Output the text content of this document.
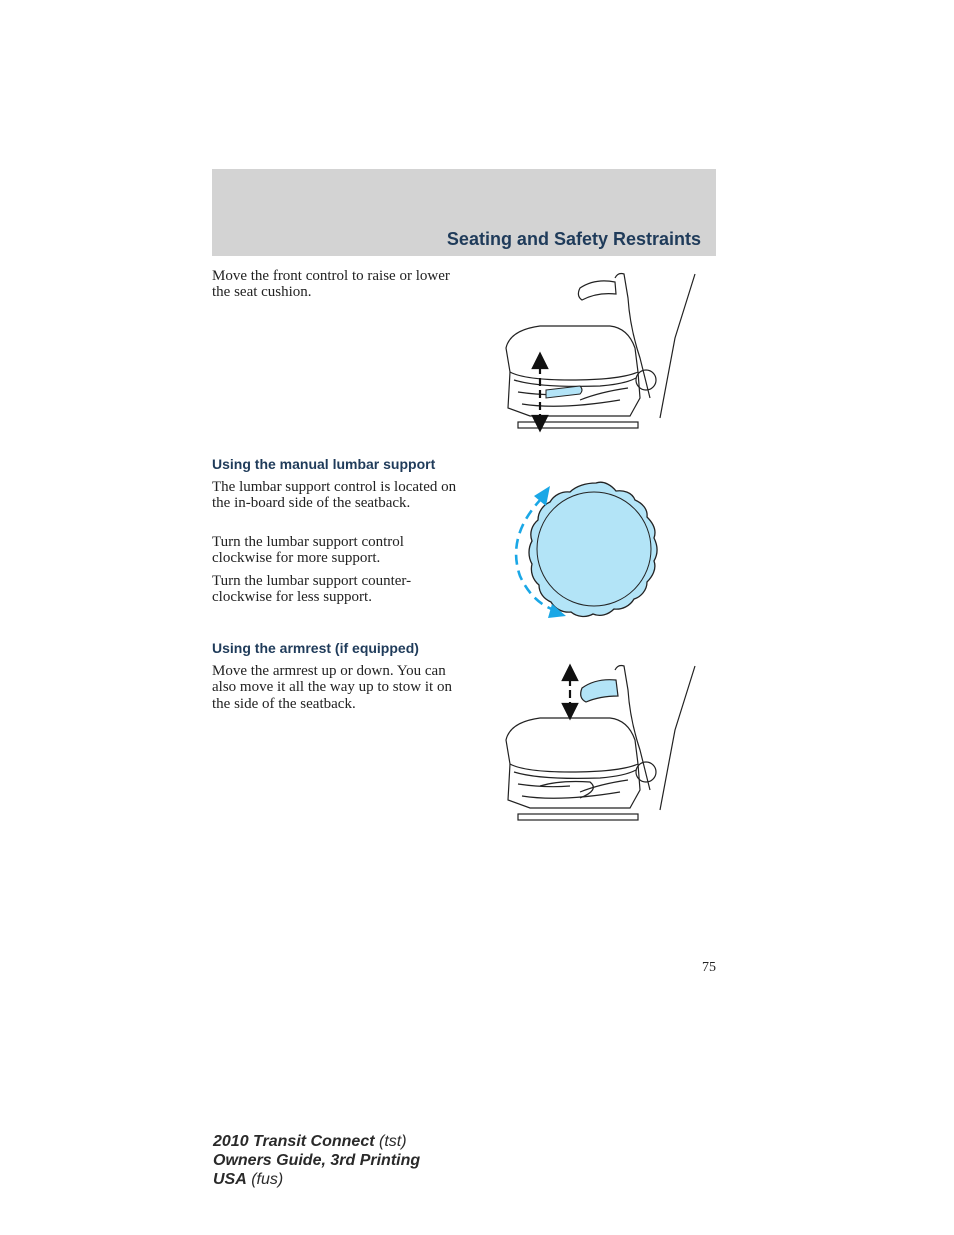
Seating and Safety Restraints

Move the front control to raise or lower the seat cushion.

Using the manual lumbar support

The lumbar support control is located on the in-board side of the seatback.

Turn the lumbar support control clockwise for more support.

Turn the lumbar support counter-clockwise for less support.

Using the armrest (if equipped)

Move the armrest up or down. You can also move it all the way up to stow it on the side of the seatback.

75
2010 Transit Connect (tst)
Owners Guide, 3rd Printing
USA (fus)
